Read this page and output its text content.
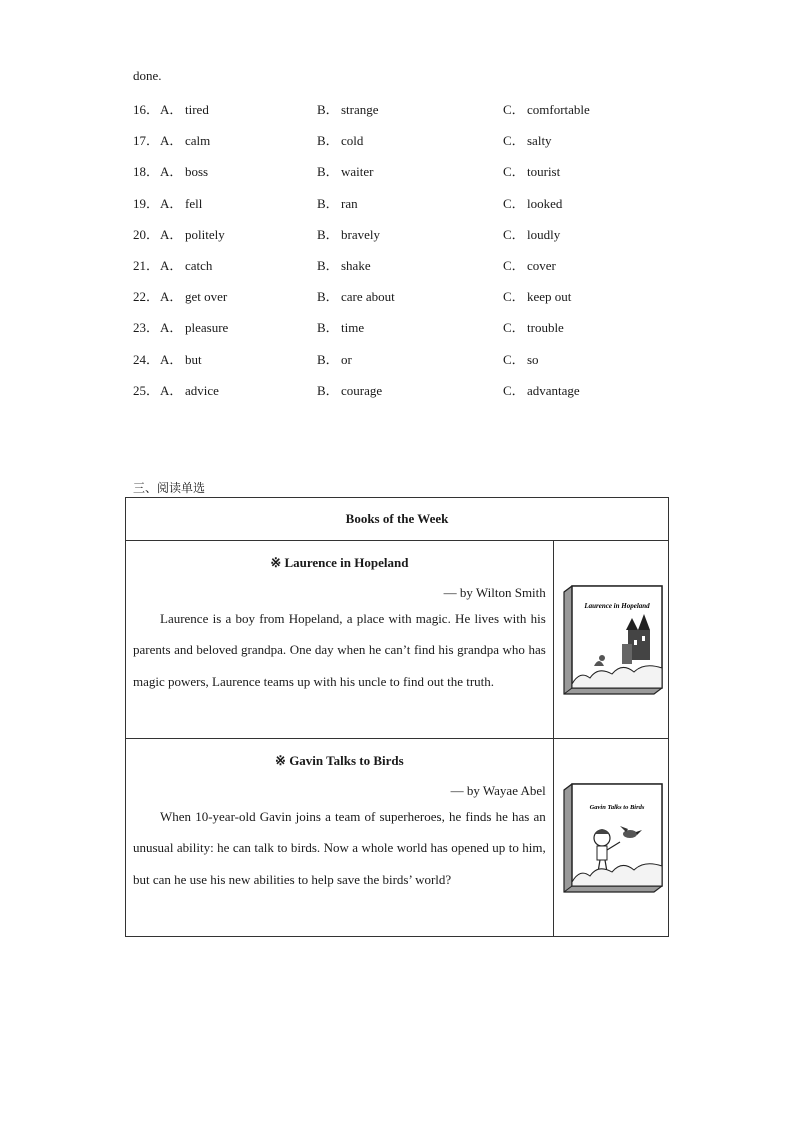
done.
16． A． tired	B． strange	C． comfortable
17． A． calm	B． cold	C． salty
18． A． boss	B． waiter	C． tourist
19． A． fell	B． ran	C． looked
20． A． politely	B． bravely	C． loudly
21． A． catch	B． shake	C． cover
22． A． get over	B． care about	C． keep out
23． A． pleasure	B． time	C． trouble
24． A． but	B． or	C． so
25． A． advice	B． courage	C． advantage
三、阅读单选
Books of the Week	

※ Laurence in Hopeland
— by Wilton Smith
Laurence is a boy from Hopeland, a place with magic. He lives with his parents and beloved grandpa. One day when he can’t find his grandpa who has magic powers, Laurence teams up with his uncle to find out the truth.	Laurence in Hopeland

※ Gavin Talks to Birds
— by Wayae Abel
When 10-year-old Gavin joins a team of superheroes, he finds he has an unusual ability: he can talk to birds. Now a whole world has opened up to him, but can he use his new abilities to help save the birds’ world?	Gavin Talks to Birds
